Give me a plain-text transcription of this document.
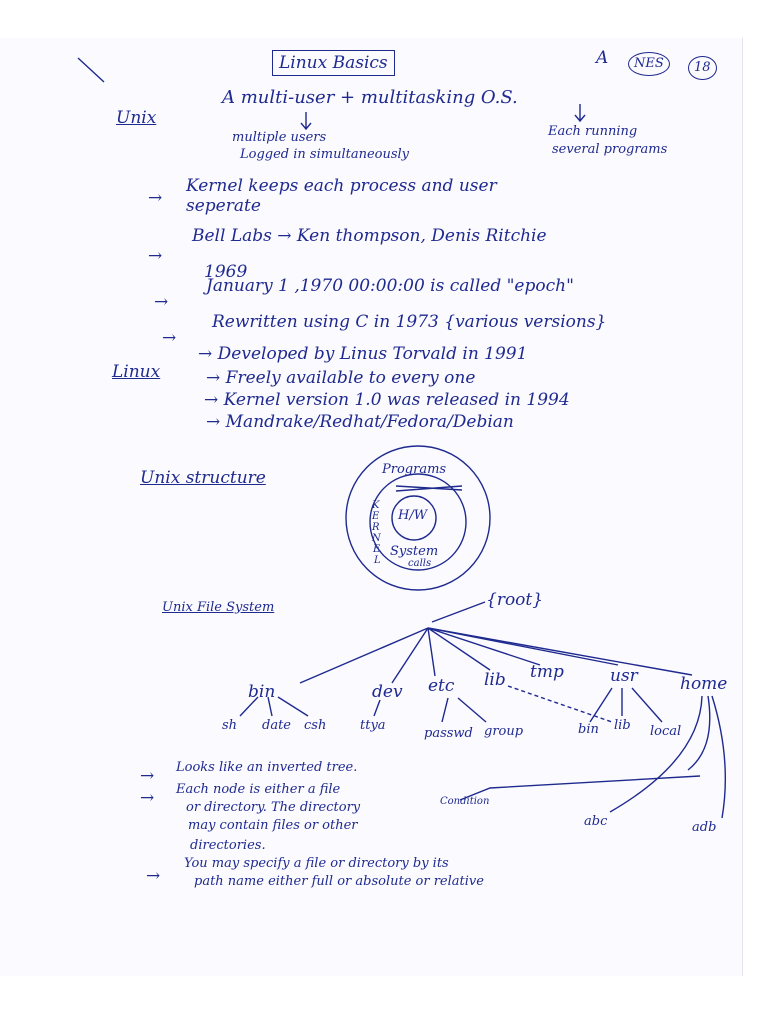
Linux Basics	A	NES	18
Unix
A multi-user + multitasking O.S.
multiple users
Logged in simultaneously
Each running
several programs
→
Kernel keeps each process and user
seperate
→
Bell Labs → Ken thompson, Denis Ritchie
1969
→
January 1 ,1970 00:00:00 is called "epoch"
→
Rewritten using C in 1973 {various versions}
Linux
→ Developed by Linus Torvald in 1991
→ Freely available to every one
→ Kernel version 1.0 was released in 1994
→ Mandrake/Redhat/Fedora/Debian
Unix structure	Programs
H/W
K
E
R
N
E
L
System
calls
Unix File System	{root}
bin	dev etc lib tmp	usr home
sh date csh	ttya
passwd group	bin lib local
abc	adb
→ Looks like an inverted tree.
→ Each node is either a file
or directory. The directory
may contain files or other
directories.
Condition
→
You may specify a file or directory by its
path name either full or absolute or relative
